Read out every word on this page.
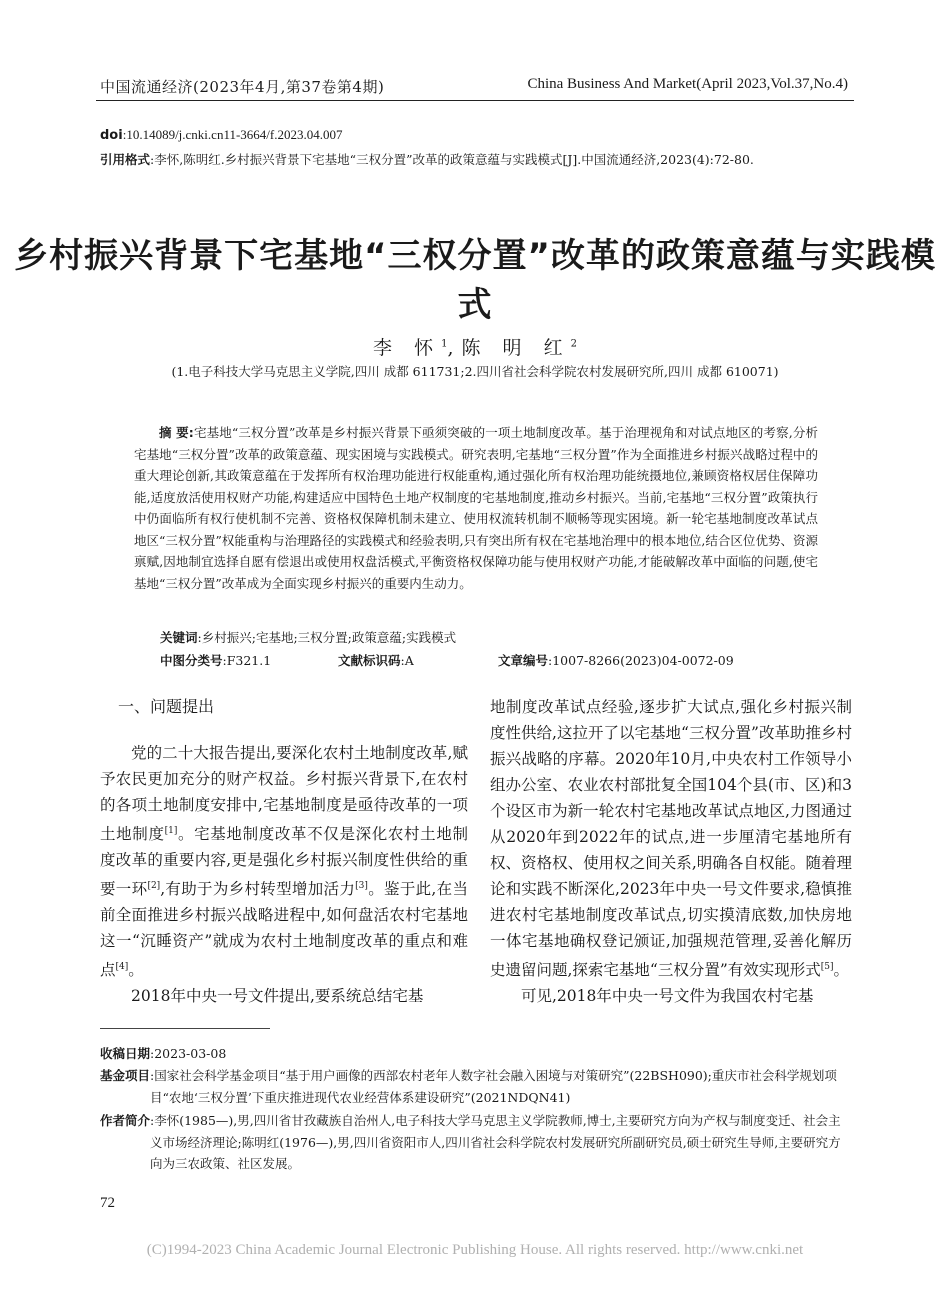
中国流通经济(2023年4月,第37卷第4期)	China Business And Market(April 2023,Vol.37,No.4)
doi:10.14089/j.cnki.cn11-3664/f.2023.04.007
引用格式:李怀,陈明红.乡村振兴背景下宅基地“三权分置”改革的政策意蕴与实践模式[J].中国流通经济,2023(4):72-80.
乡村振兴背景下宅基地“三权分置”改革的政策意蕴与实践模式
李 怀$^1$,陈 明 红$^2$
(1.电子科技大学马克思主义学院,四川 成都 611731;2.四川省社会科学院农村发展研究所,四川 成都 610071)
摘 要:宅基地“三权分置”改革是乡村振兴背景下亟须突破的一项土地制度改革。基于治理视角和对试点地区的考察,分析宅基地“三权分置”改革的政策意蕴、现实困境与实践模式。研究表明,宅基地“三权分置”作为全面推进乡村振兴战略过程中的重大理论创新,其政策意蕴在于发挥所有权治理功能进行权能重构,通过强化所有权治理功能统摄地位,兼顾资格权居住保障功能,适度放活使用权财产功能,构建适应中国特色土地产权制度的宅基地制度,推动乡村振兴。当前,宅基地“三权分置”政策执行中仍面临所有权行使机制不完善、资格权保障机制未建立、使用权流转机制不顺畅等现实困境。新一轮宅基地制度改革试点地区“三权分置”权能重构与治理路径的实践模式和经验表明,只有突出所有权在宅基地治理中的根本地位,结合区位优势、资源禀赋,因地制宜选择自愿有偿退出或使用权盘活模式,平衡资格权保障功能与使用权财产功能,才能破解改革中面临的问题,使宅基地“三权分置”改革成为全面实现乡村振兴的重要内生动力。
关键词:乡村振兴;宅基地;三权分置;政策意蕴;实践模式
中图分类号:F321.1	文献标识码:A	文章编号:1007-8266(2023)04-0072-09
一、问题提出

党的二十大报告提出,要深化农村土地制度改革,赋予农民更加充分的财产权益。乡村振兴背景下,在农村的各项土地制度安排中,宅基地制度是亟待改革的一项土地制度[1]。宅基地制度改革不仅是深化农村土地制度改革的重要内容,更是强化乡村振兴制度性供给的重要一环[2],有助于为乡村转型增加活力[3]。鉴于此,在当前全面推进乡村振兴战略进程中,如何盘活农村宅基地这一“沉睡资产”就成为农村土地制度改革的重点和难点[4]。

2018年中央一号文件提出,要系统总结宅基

地制度改革试点经验,逐步扩大试点,强化乡村振兴制度性供给,这拉开了以宅基地“三权分置”改革助推乡村振兴战略的序幕。2020年10月,中央农村工作领导小组办公室、农业农村部批复全国104个县(市、区)和3个设区市为新一轮农村宅基地改革试点地区,力图通过从2020年到2022年的试点,进一步厘清宅基地所有权、资格权、使用权之间关系,明确各自权能。随着理论和实践不断深化,2023年中央一号文件要求,稳慎推进农村宅基地制度改革试点,切实摸清底数,加快房地一体宅基地确权登记颁证,加强规范管理,妥善化解历史遗留问题,探索宅基地“三权分置”有效实现形式[5]。

可见,2018年中央一号文件为我国农村宅基

收稿日期:2023-03-08
基金项目 :国家社会科学基金项目“基于用户画像的西部农村老年人数字社会融入困境与对策研究”(22BSH090);重庆市社会科学规划项目“农地‘三权分置’下重庆推进现代农业经营体系建设研究”(2021NDQN41)
作者简介 :李怀(1985—),男,四川省甘孜藏族自治州人,电子科技大学马克思主义学院教师,博士,主要研究方向为产权与制度变迁、社会主义市场经济理论;陈明红(1976—),男,四川省资阳市人,四川省社会科学院农村发展研究所副研究员,硕士研究生导师,主要研究方向为三农政策、社区发展。
72
(C)1994-2023 China Academic Journal Electronic Publishing House. All rights reserved. http://www.cnki.net
